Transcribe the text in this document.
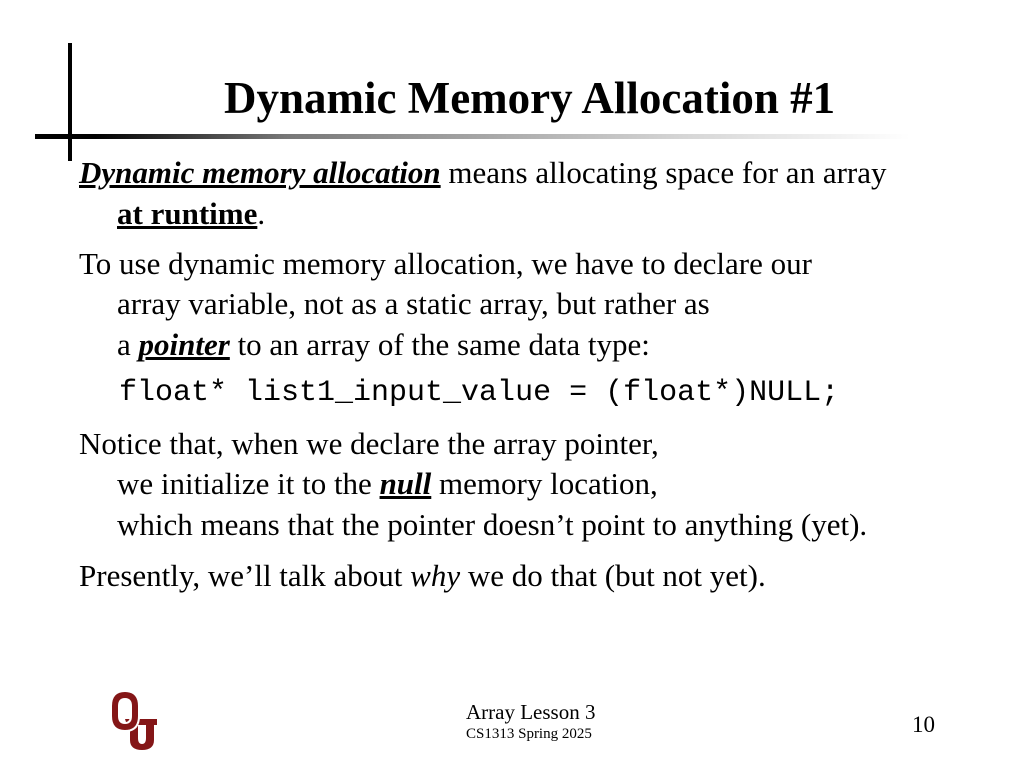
Dynamic Memory Allocation #1
Dynamic memory allocation means allocating space for an array
at runtime.
To use dynamic memory allocation, we have to declare our
array variable, not as a static array, but rather as
a pointer to an array of the same data type:
float* list1_input_value = (float*)NULL;
Notice that, when we declare the array pointer,
we initialize it to the null memory location,
which means that the pointer doesn’t point to anything (yet).
Presently, we’ll talk about why we do that (but not yet).
Array Lesson 3
CS1313 Spring 2025	10
